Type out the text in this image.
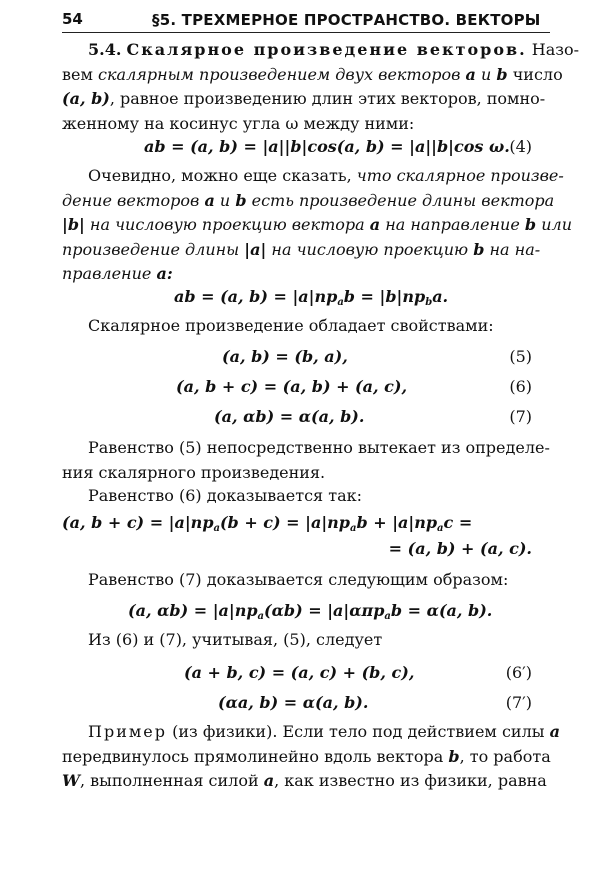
54	§5. ТРЕХМЕРНОЕ ПРОСТРАНСТВО. ВЕКТОРЫ
5.4. Скалярное произведение векторов. Назо-
вем скалярным произведением двух векторов a и b число
(a, b), равное произведению длин этих векторов, помно-
женному на косинус угла ω между ними:
ab = (a, b) = |a||b|cos(a, b) = |a||b|cos ω. (4)
Очевидно, можно еще сказать, что скалярное произве-
дение векторов a и b есть произведение длины вектора
|b| на числовую проекцию вектора a на направление b или
произведение длины |a| на числовую проекцию b на на-
правление a:
ab = (a, $b) = |a|пр_ab = |b|пр_ba$.
Скалярное произведение обладает свойствами:
(a, b) = (b, a),	(5)
(a, b + c) = (a, b) + (a, c),	(6)
(a, αb) = α(a, b).	(7)
Равенство (5) непосредственно вытекает из определе-
ния скалярного произведения.
Равенство (6) доказывается так:
(a, $b + c) = |a|пр_a(b + c) = |a|пр_ab + |a|пр_ac$ =
= (a, b) + (a, c).
Равенство (7) доказывается следующим образом:
(a, $\alpha b) = |a|пр_a(\alpha b) = |a|\alpha\pi р_ab = \alpha(a$, b).
Из (6) и (7), учитывая, (5), следует
(a + b, c) = (a, c) + (b, c),	(6′)
(αa, b) = α(a, b).	(7′)
Пример (из физики). Если тело под действием силы a
передвинулось прямолинейно вдоль вектора b, то работа
W, выполненная силой a, как известно из физики, равна
